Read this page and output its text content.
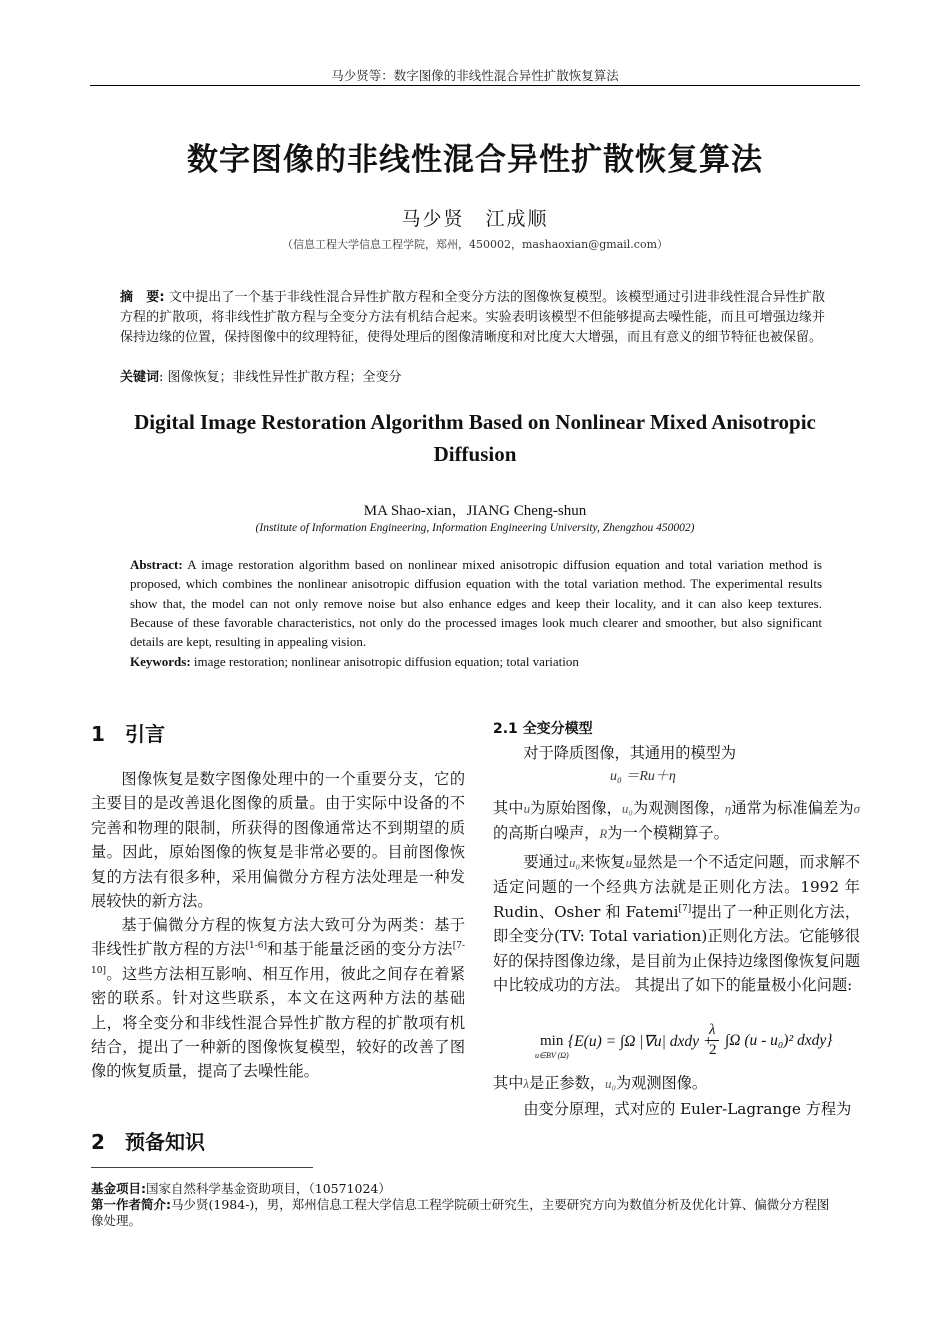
马少贤等：数字图像的非线性混合异性扩散恢复算法
数字图像的非线性混合异性扩散恢复算法
马少贤　江成顺
（信息工程大学信息工程学院，郑州，450002，mashaoxian@gmail.com）
摘　要: 文中提出了一个基于非线性混合异性扩散方程和全变分方法的图像恢复模型。该模型通过引进非线性混合异性扩散方程的扩散项，将非线性扩散方程与全变分方法有机结合起来。实验表明该模型不但能够提高去噪性能，而且可增强边缘并保持边缘的位置，保持图像中的纹理特征，使得处理后的图像清晰度和对比度大大增强，而且有意义的细节特征也被保留。
关键词: 图像恢复；非线性异性扩散方程；全变分
Digital Image Restoration Algorithm Based on Nonlinear Mixed Anisotropic Diffusion
MA Shao-xian，JIANG Cheng-shun
(Institute of Information Engineering, Information Engineering University, Zhengzhou 450002)
Abstract: A image restoration algorithm based on nonlinear mixed anisotropic diffusion equation and total variation method is proposed, which combines the nonlinear anisotropic diffusion equation with the total variation method. The experimental results show that, the model can not only remove noise but also enhance edges and keep their locality, and it can also keep textures. Because of these favorable characteristics, not only do the processed images look much clearer and smoother, but also significant details are kept, resulting in appealing vision.
Keywords: image restoration; nonlinear anisotropic diffusion equation; total variation
1 引言

图像恢复是数字图像处理中的一个重要分支，它的主要目的是改善退化图像的质量。由于实际中设备的不完善和物理的限制，所获得的图像通常达不到期望的质量。因此，原始图像的恢复是非常必要的。目前图像恢复的方法有很多种，采用偏微分方程方法处理是一种发展较快的新方法。

基于偏微分方程的恢复方法大致可分为两类：基于非线性扩散方程的方法[1-6]和基于能量泛函的变分方法[7-10]。这些方法相互影响、相互作用，彼此之间存在着紧密的联系。针对这些联系，本文在这两种方法的基础上，将全变分和非线性混合异性扩散方程的扩散项有机结合，提出了一种新的图像恢复模型，较好的改善了图像的恢复质量，提高了去噪性能。

2 预备知识
2.1 全变分模型

对于降质图像，其通用的模型为

u₀ ＝Ru＋η

其中u为原始图像，u₀为观测图像，η通常为标准偏差为σ的高斯白噪声，R为一个模糊算子。

要通过u₀来恢复u显然是一个不适定问题，而求解不适定问题的一个经典方法就是正则化方法。1992 年 Rudin、Osher 和 Fatemi[7]提出了一种正则化方法，即全变分(TV: Total variation)正则化方法。它能够很好的保持图像边缘，是目前为止保持边缘图像恢复问题中比较成功的方法。 其提出了如下的能量极小化问题:

min
u∈BV (Ω)
{E(u) = ∫Ω |∇u| dxdy +
λ
2
∫Ω (u - u₀)² dxdy}

其中λ是正参数，u₀为观测图像。

由变分原理，式对应的 Euler-Lagrange 方程为

基金项目:国家自然科学基金资助项目，（10571024）
第一作者简介:马少贤(1984-)，男，郑州信息工程大学信息工程学院硕士研究生，主要研究方向为数值分析及优化计算、偏微分方程图像处理。
